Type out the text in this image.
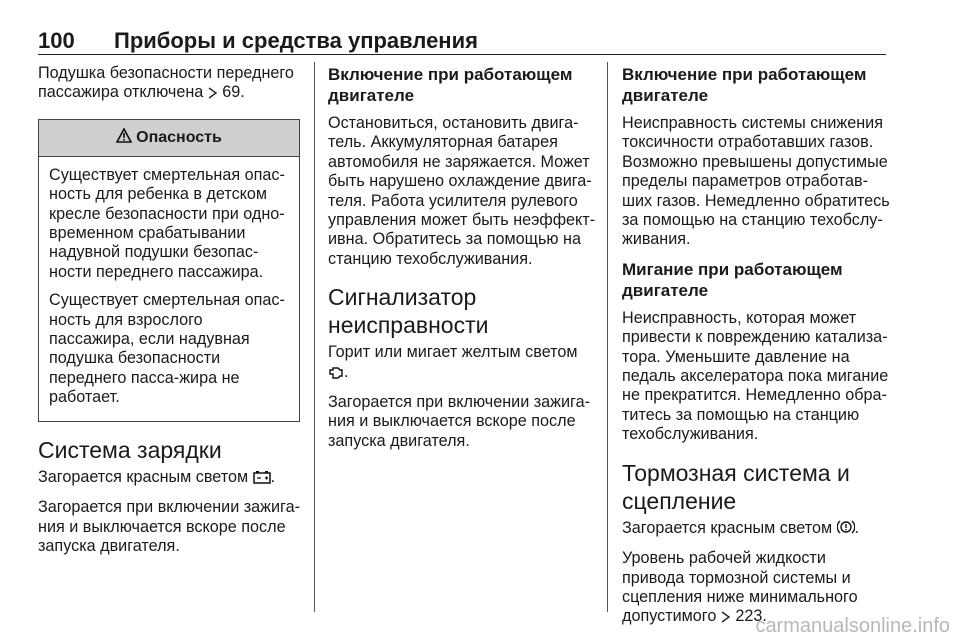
100 Приборы и средства управления

Подушка безопасности переднего пассажира отключена 69.

Опасность

Существует смертельная опас-ность для ребенка в детском кресле безопасности при одно-временном срабатывании надувной подушки безопас-ности переднего пассажира.

Существует смертельная опас-ность для взрослого пассажира, если надувная подушка безопасности переднего пасса-жира не работает.

Система зарядки

Загорается красным светом .

Загорается при включении зажига-ния и выключается вскоре после запуска двигателя.

Включение при работающем двигателе

Остановиться, остановить двига-тель. Аккумуляторная батарея автомобиля не заряжается. Может быть нарушено охлаждение двига-теля. Работа усилителя рулевого управления может быть неэффект-ивна. Обратитесь за помощью на станцию техобслуживания.

Сигнализатор неисправности

Горит или мигает желтым светом .

Загорается при включении зажига-ния и выключается вскоре после запуска двигателя.

Включение при работающем двигателе

Неисправность системы снижения токсичности отработавших газов. Возможно превышены допустимые пределы параметров отработав-ших газов. Немедленно обратитесь за помощью на станцию техобслу-живания.

Мигание при работающем двигателе

Неисправность, которая может привести к повреждению катализа-тора. Уменьшите давление на педаль акселератора пока мигание не прекратится. Немедленно обра-титесь за помощью на станцию техобслуживания.

Тормозная система и сцепление

Загорается красным светом .

Уровень рабочей жидкости привода тормозной системы и сцепления ниже минимального допустимого 223.

carmanualsonline.info
